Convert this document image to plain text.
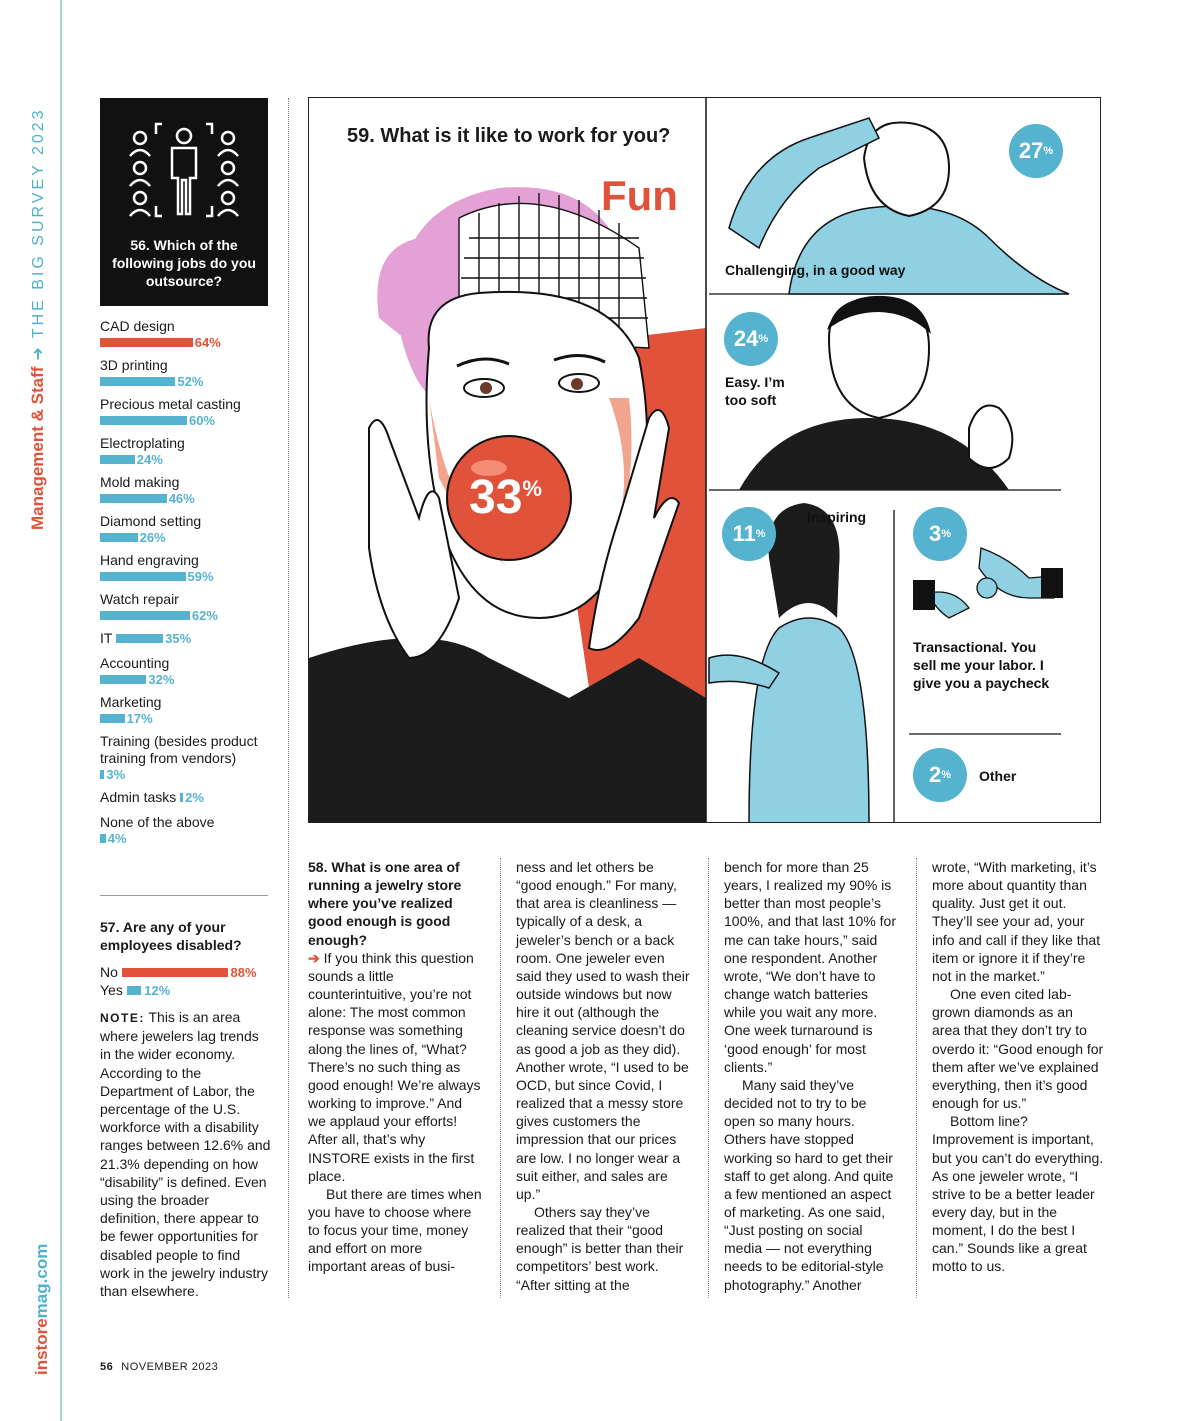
Management & Staff➜THE BIG SURVEY 2023
instoremag.com
56. Which of the following jobs do you outsource?
CAD design
64%
3D printing
52%
Precious metal casting
60%
Electroplating
24%
Mold making
46%
Diamond setting
26%
Hand engraving
59%
Watch repair
62%
IT	35%
Accounting
32%
Marketing
17%
Training (besides product training from vendors)
3%
Admin tasks 2%
None of the above
4%
57. Are any of your employees disabled?
No	88%
Yes 12%
NOTE: This is an area where jewelers lag trends in the wider economy. According to the Department of Labor, the percentage of the U.S. workforce with a disability ranges between 12.6% and 21.3% depending on how “disability” is defined. Even using the broader definition, there appear to be fewer opportunities for disabled people to find work in the jewelry industry than elsewhere.
59. What is it like to work for you?
Fun
33%
27 %
Challenging, in a good way
24 %
Easy. I’m
too soft
11 %
Inspiring
3 %
Transactional. You sell me your labor. I give you a paycheck
2 % Other

58. What is one area of running a jewelry store where you’ve realized good enough is good enough?

➔ If you think this question sounds a little counterintuitive, you’re not alone: The most common response was something along the lines of, “What? There’s no such thing as good enough! We’re always working to improve.” And we applaud your efforts! After all, that’s why INSTORE exists in the first place.

But there are times when you have to choose where to focus your time, money and effort on more important areas of busi-

ness and let others be “good enough.” For many, that area is cleanliness — typically of a desk, a jeweler’s bench or a back room. One jeweler even said they used to wash their outside windows but now hire it out (although the cleaning service doesn’t do as good a job as they did). Another wrote, “I used to be OCD, but since Covid, I realized that a messy store gives customers the impression that our prices are low. I no longer wear a suit either, and sales are up.”

Others say they’ve realized that their “good enough” is better than their competitors’ best work. “After sitting at the

bench for more than 25 years, I realized my 90% is better than most people’s 100%, and that last 10% for me can take hours,” said one respondent. Another wrote, “We don’t have to change watch batteries while you wait any more. One week turnaround is ‘good enough’ for most clients.”

Many said they’ve decided not to try to be open so many hours. Others have stopped working so hard to get their staff to get along. And quite a few mentioned an aspect of marketing. As one said, “Just posting on social media — not everything needs to be editorial-style photography.” Another

wrote, “With marketing, it’s more about quantity than quality. Just get it out. They’ll see your ad, your info and call if they like that item or ignore it if they’re not in the market.”

One even cited lab-grown diamonds as an area that they don’t try to overdo it: “Good enough for them after we’ve explained everything, then it’s good enough for us.”

Bottom line? Improvement is important, but you can’t do everything. As one jeweler wrote, “I strive to be a better leader every day, but in the moment, I do the best I can.” Sounds like a great motto to us.

56 NOVEMBER 2023
